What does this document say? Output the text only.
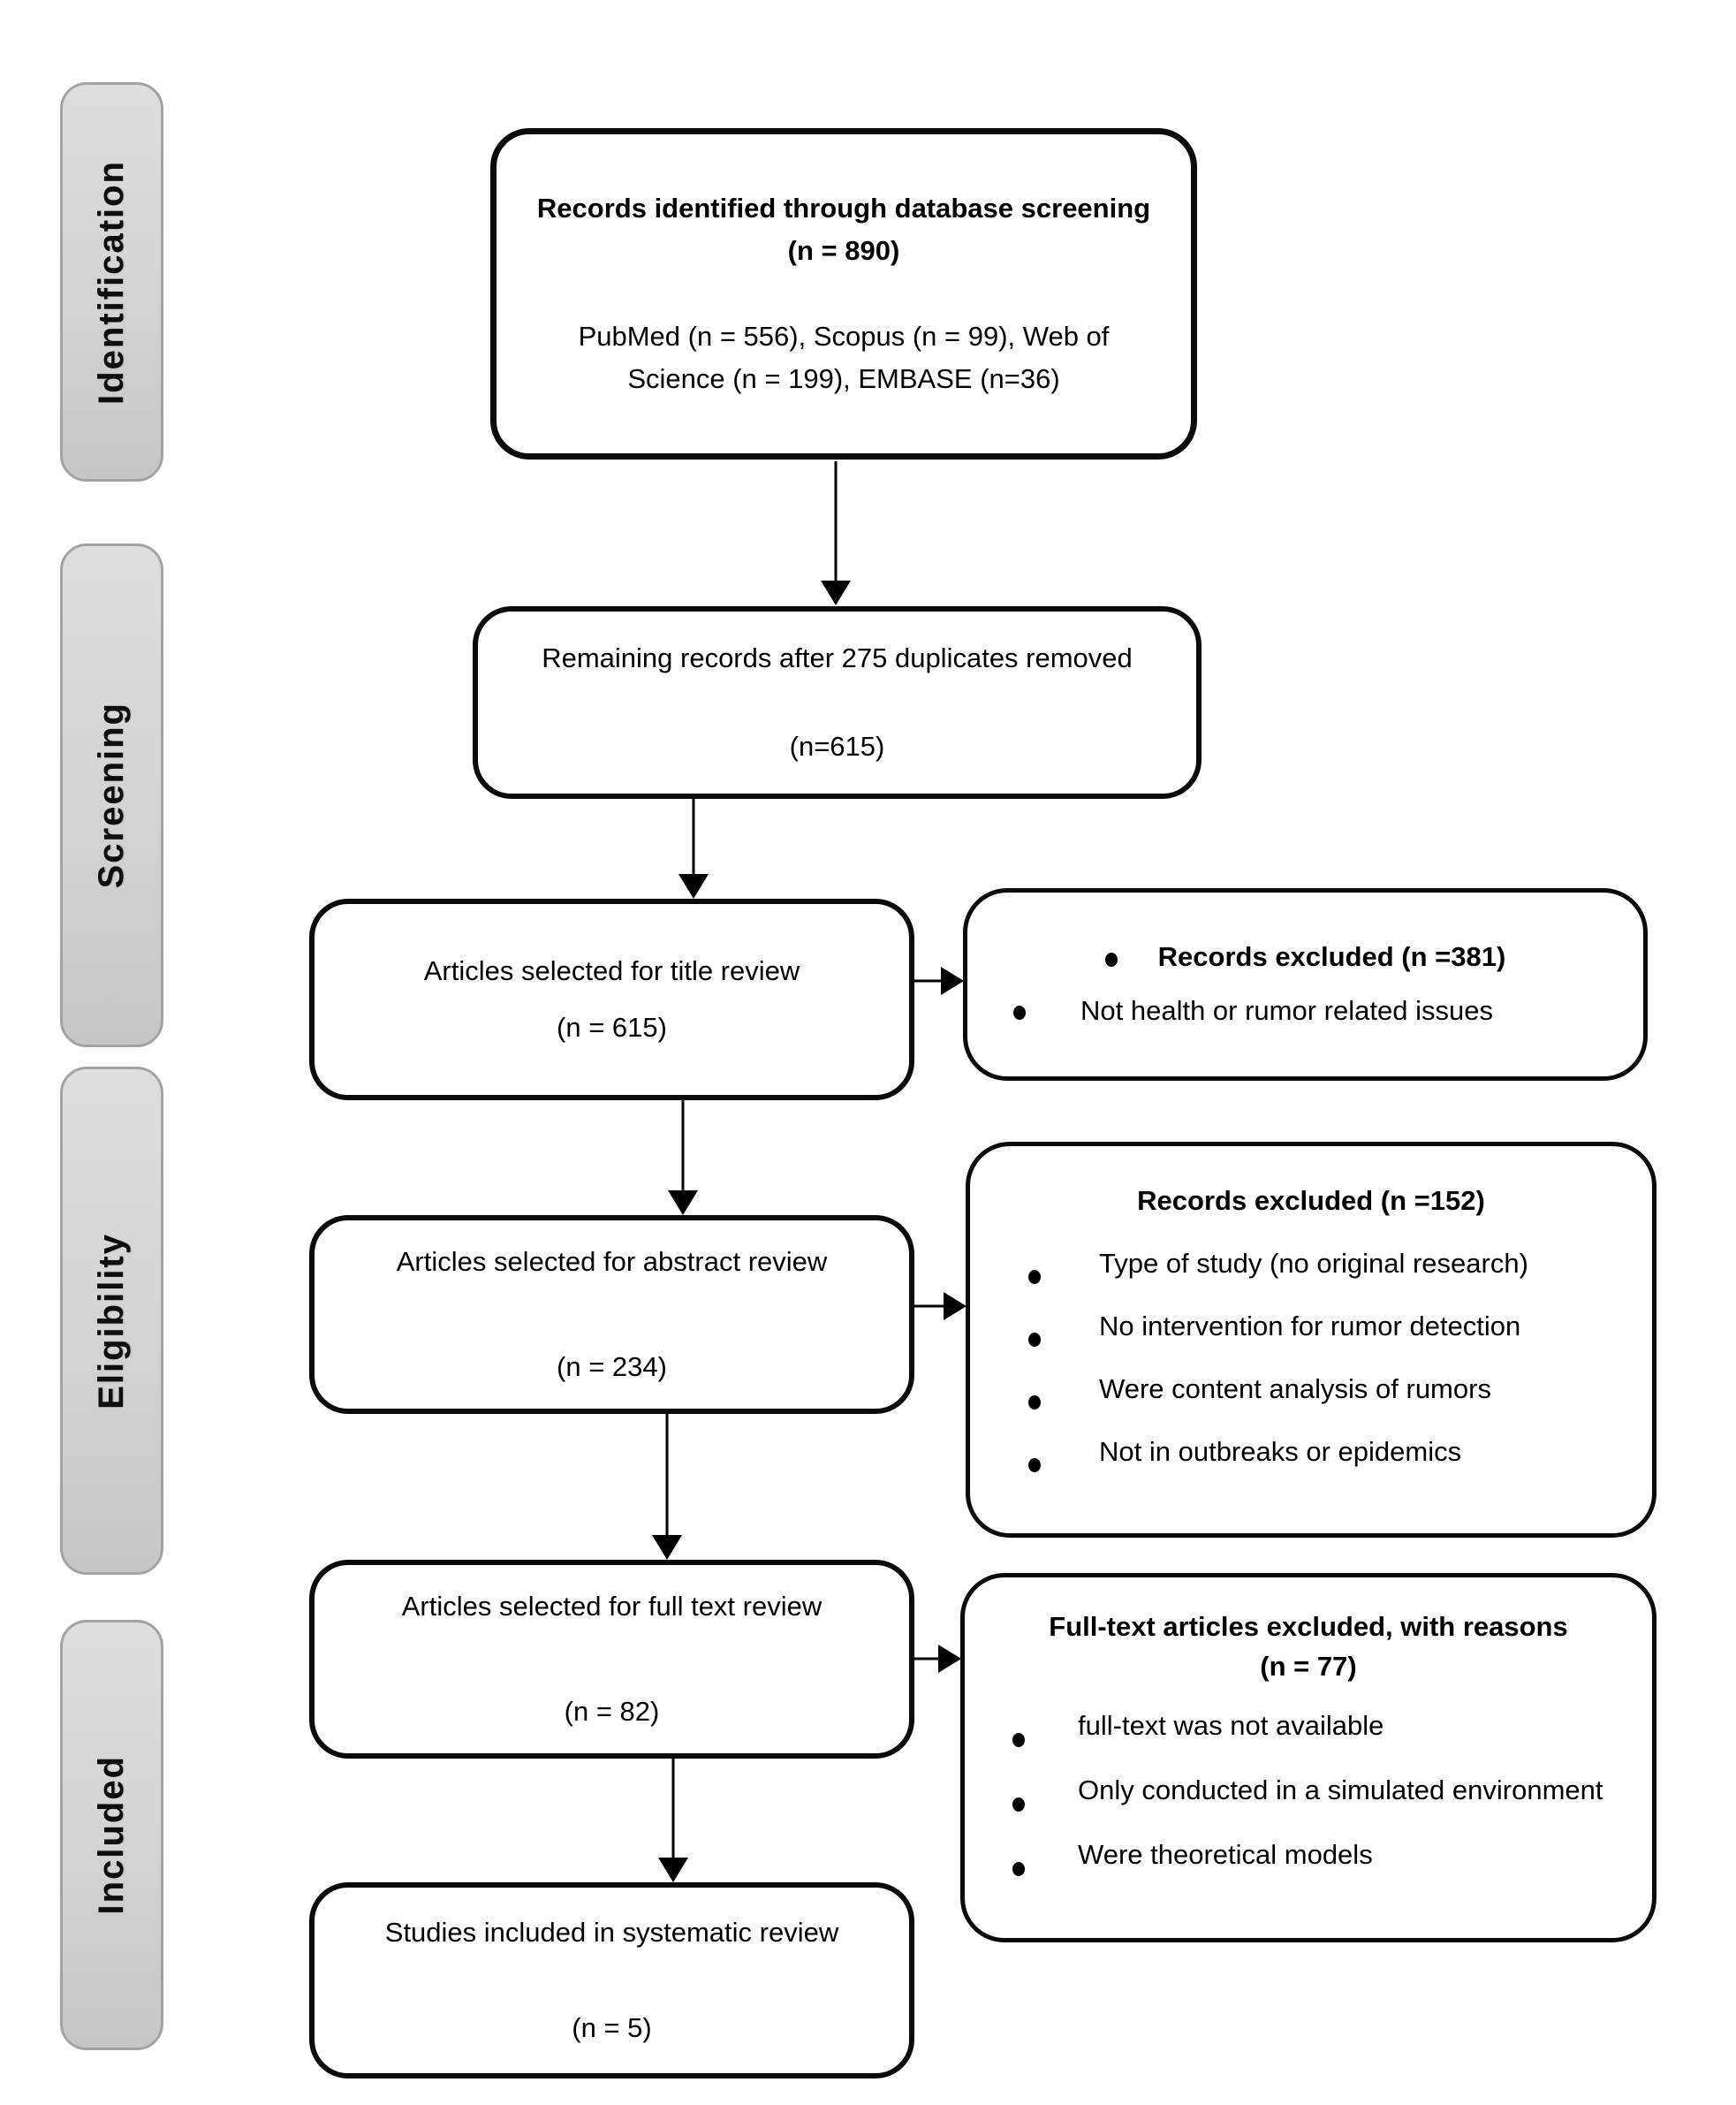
Identification
Screening
Eligibility
Included
Records identified through database screening
(n = 890)
PubMed (n = 556), Scopus (n = 99), Web of
Science (n = 199), EMBASE (n=36)
Remaining records after 275 duplicates removed
(n=615)
Articles selected for title review
(n = 615)
Articles selected for abstract review
(n = 234)
Articles selected for full text review
(n = 82)
Studies included in systematic review
(n = 5)
Records excluded (n =381)
Not health or rumor related issues
Records excluded (n =152)
Type of study (no original research)
No intervention for rumor detection
Were content analysis of rumors
Not in outbreaks or epidemics
Full-text articles excluded, with reasons
(n = 77)
full-text was not available
Only conducted in a simulated environment
Were theoretical models
